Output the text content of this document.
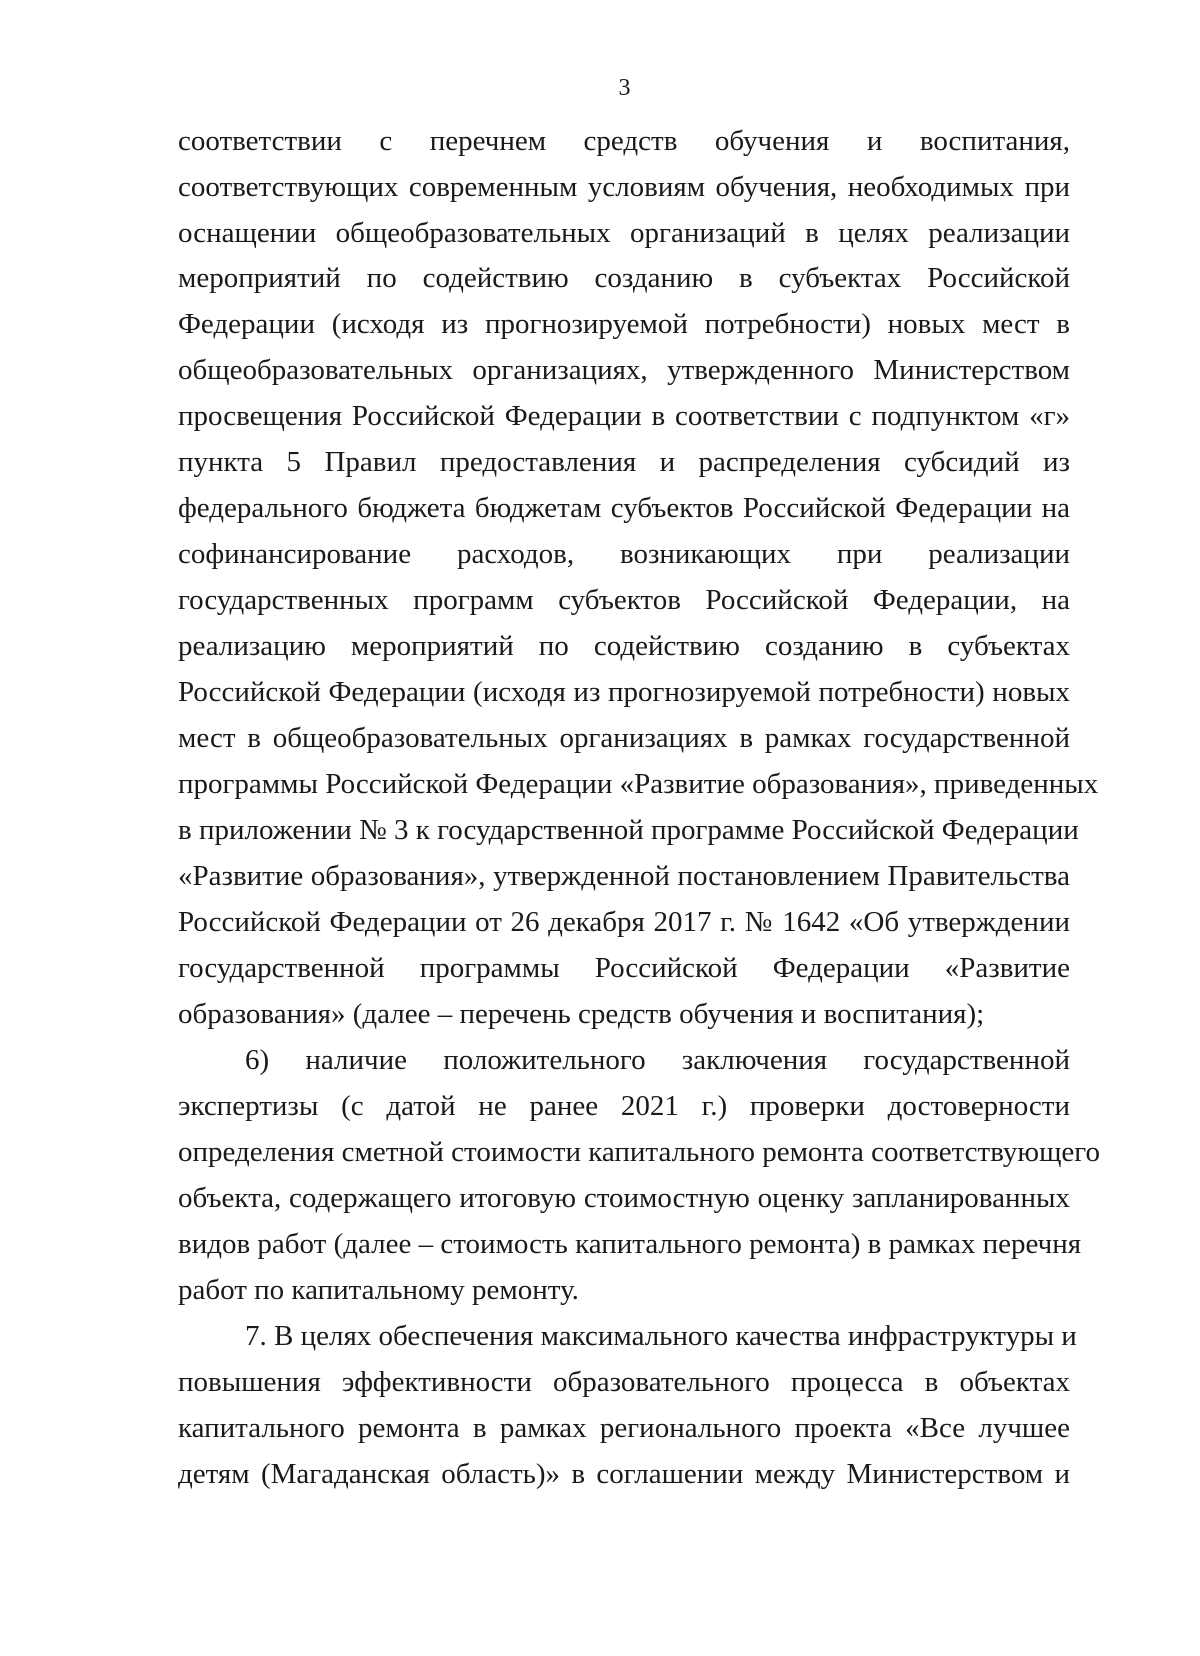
3
соответствии с перечнем средств обучения и воспитания,
соответствующих современным условиям обучения, необходимых при
оснащении общеобразовательных организаций в целях реализации
мероприятий по содействию созданию в субъектах Российской
Федерации (исходя из прогнозируемой потребности) новых мест в
общеобразовательных организациях, утвержденного Министерством
просвещения Российской Федерации в соответствии с подпунктом «г»
пункта 5 Правил предоставления и распределения субсидий из
федерального бюджета бюджетам субъектов Российской Федерации на
софинансирование расходов, возникающих при реализации
государственных программ субъектов Российской Федерации, на
реализацию мероприятий по содействию созданию в субъектах
Российской Федерации (исходя из прогнозируемой потребности) новых
мест в общеобразовательных организациях в рамках государственной
программы Российской Федерации «Развитие образования», приведенных
в приложении № 3 к государственной программе Российской Федерации
«Развитие образования», утвержденной постановлением Правительства
Российской Федерации от 26 декабря 2017 г. № 1642 «Об утверждении
государственной программы Российской Федерации «Развитие
образования» (далее – перечень средств обучения и воспитания);
6) наличие положительного заключения государственной
экспертизы (с датой не ранее 2021 г.) проверки достоверности
определения сметной стоимости капитального ремонта соответствующего
объекта, содержащего итоговую стоимостную оценку запланированных
видов работ (далее – стоимость капитального ремонта) в рамках перечня
работ по капитальному ремонту.
7. В целях обеспечения максимального качества инфраструктуры и
повышения эффективности образовательного процесса в объектах
капитального ремонта в рамках регионального проекта «Все лучшее
детям (Магаданская область)» в соглашении между Министерством и
